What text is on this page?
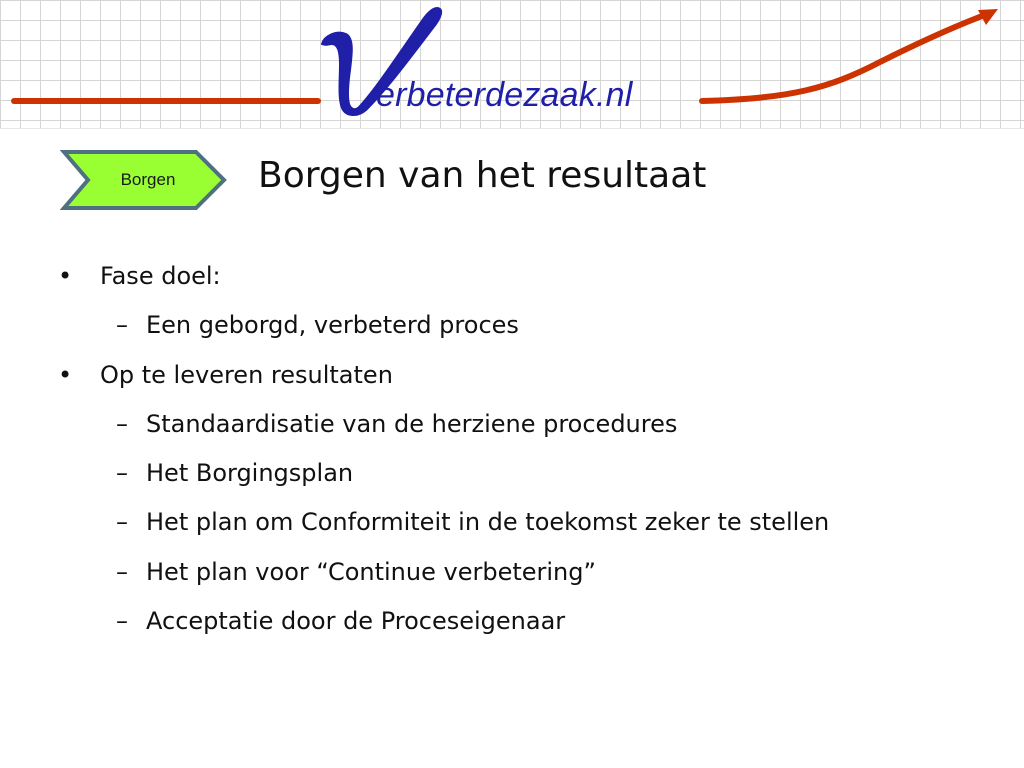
erbeterdezaak.nl
Borgen	Borgen van het resultaat
• Fase doel:
– Een geborgd, verbeterd proces
• Op te leveren resultaten
– Standaardisatie van de herziene procedures
– Het Borgingsplan
– Het plan om Conformiteit in de toekomst zeker te stellen
– Het plan voor “Continue verbetering”
– Acceptatie door de Proceseigenaar
